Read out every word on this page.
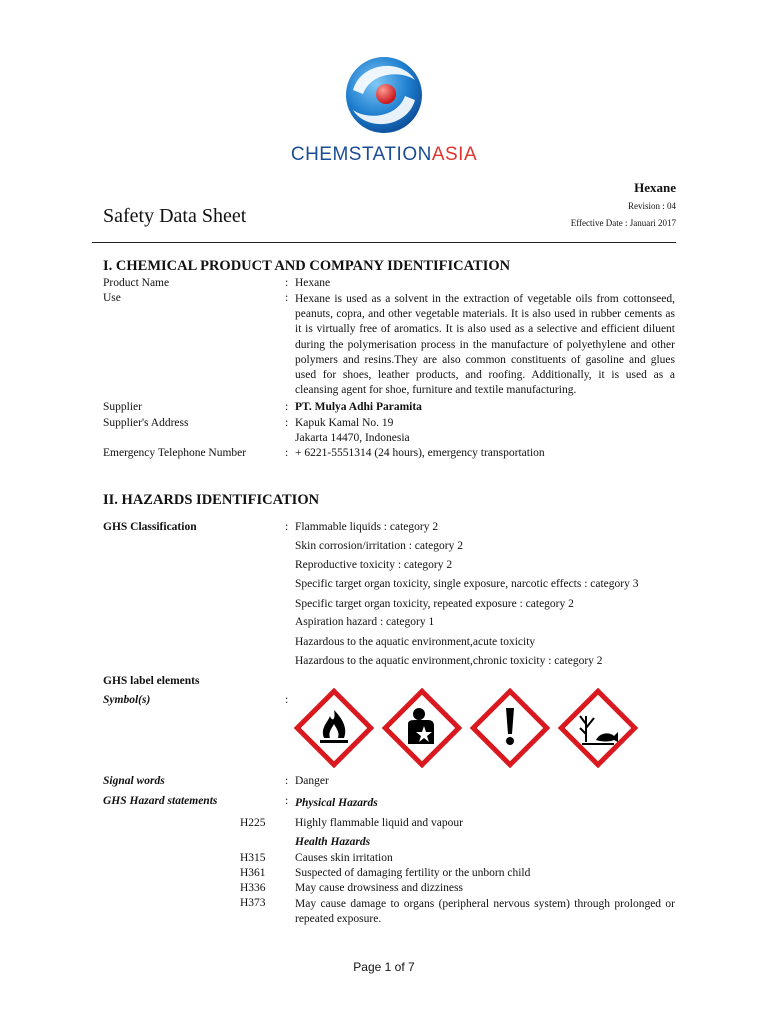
CHEMSTATIONASIA
Hexane
Revision : 04
Effective Date : Januari 2017
Safety Data Sheet
I. CHEMICAL PRODUCT AND COMPANY IDENTIFICATION
Product Name	: Hexane
Use	: Hexane is used as a solvent in the extraction of vegetable oils from cottonseed, peanuts, copra, and other vegetable materials. It is also used in rubber cements as it is virtually free of aromatics. It is also used as a selective and efficient diluent during the polymerisation process in the manufacture of polyethylene and other polymers and resins.They are also common constituents of gasoline and glues used for shoes, leather products, and roofing. Additionally, it is used as a cleansing agent for shoe, furniture and textile manufacturing.
Supplier	: PT. Mulya Adhi Paramita
Supplier's Address	: Kapuk Kamal No. 19
Jakarta 14470, Indonesia
Emergency Telephone Number	: + 6221-5551314 (24 hours), emergency transportation
II. HAZARDS IDENTIFICATION
GHS Classification	: Flammable liquids : category 2
Skin corrosion/irritation : category 2
Reproductive toxicity : category 2
Specific target organ toxicity, single exposure, narcotic effects : category 3
Specific target organ toxicity, repeated exposure : category 2
Aspiration hazard : category 1
Hazardous to the aquatic environment,acute toxicity
Hazardous to the aquatic environment,chronic toxicity : category 2
GHS label elements
Symbol(s)	:
Signal words	: Danger
GHS Hazard statements	: Physical Hazards
H225	Highly flammable liquid and vapour
Health Hazards
H315	Causes skin irritation
H361	Suspected of damaging fertility or the unborn child
H336	May cause drowsiness and dizziness
H373	May cause damage to organs (peripheral nervous system) through prolonged or repeated exposure.
Page 1 of 7
